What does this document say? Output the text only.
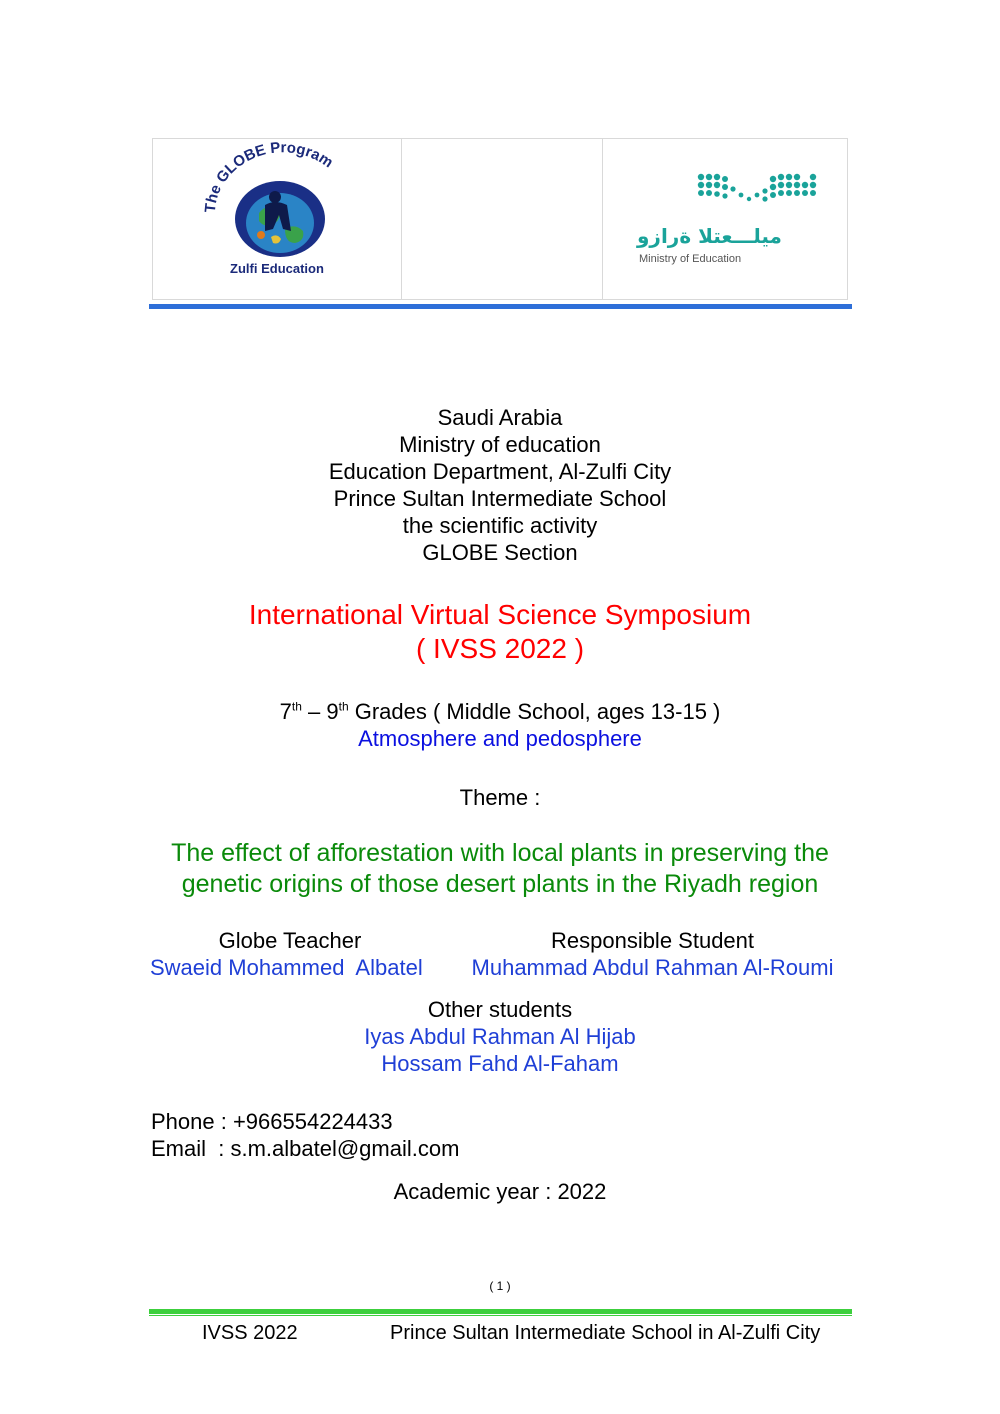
The GLOBE Program
Zulfi Education
وزارة التعـــليم
Ministry of Education
Saudi Arabia
Ministry of education
Education Department, Al-Zulfi City
Prince Sultan Intermediate School
the scientific activity
GLOBE Section
International Virtual Science Symposium
( IVSS 2022 )
7th – 9th Grades ( Middle School, ages 13-15 )
Atmosphere and pedosphere
Theme :
The effect of afforestation with local plants in preserving the
genetic origins of those desert plants in the Riyadh region
Globe Teacher
Swaeid Mohammed  Albatel
Responsible Student
Muhammad Abdul Rahman Al-Roumi
Other students
Iyas Abdul Rahman Al Hijab
Hossam Fahd Al-Faham
Phone : +966554224433
Email  : s.m.albatel@gmail.com
Academic year : 2022
( 1 )
IVSS 2022	Prince Sultan Intermediate School in Al-Zulfi City
